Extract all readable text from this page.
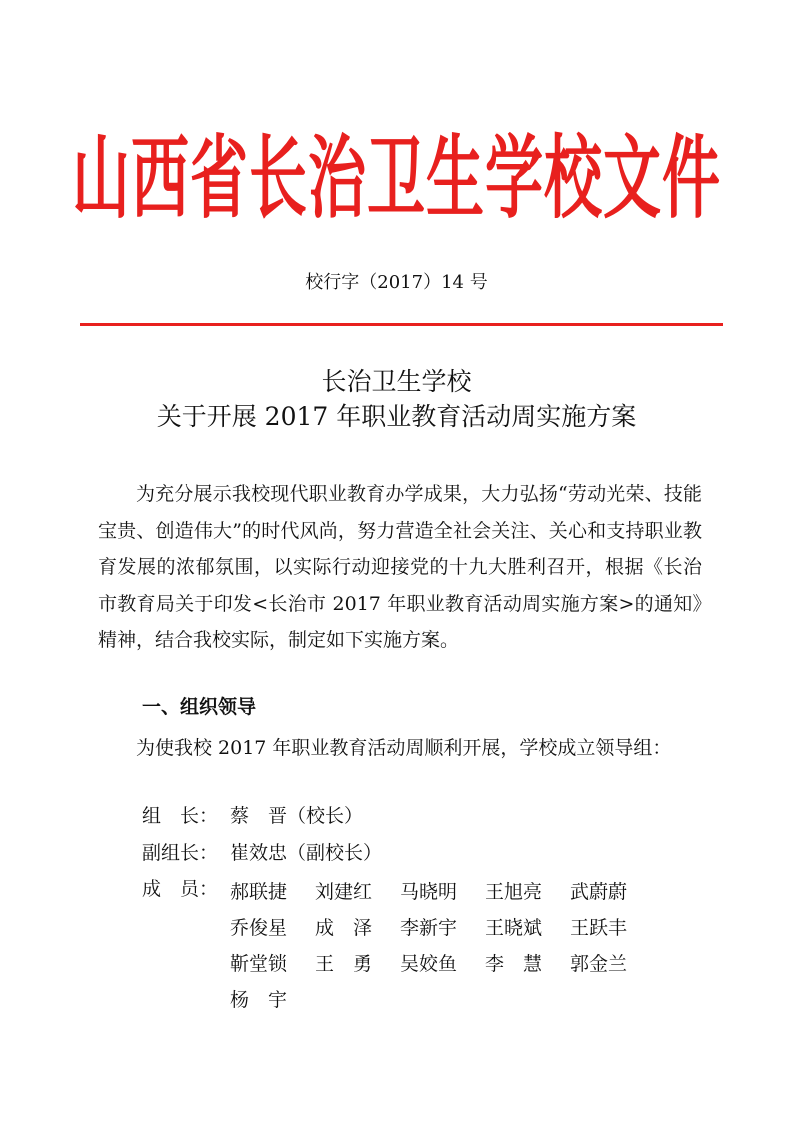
山西省长治卫生学校文件
校行字（2017）14 号
长治卫生学校
关于开展 2017 年职业教育活动周实施方案
为充分展示我校现代职业教育办学成果，大力弘扬“劳动光荣、技能宝贵、创造伟大”的时代风尚，努力营造全社会关注、关心和支持职业教育发展的浓郁氛围，以实际行动迎接党的十九大胜利召开，根据《长治市教育局关于印发<长治市 2017 年职业教育活动周实施方案>的通知》精神，结合我校实际，制定如下实施方案。
一、组织领导
为使我校 2017 年职业教育活动周顺利开展，学校成立领导组：
组　长： 蔡　晋（校长）
副组长： 崔效忠（副校长）
成　员： 郝联捷 刘建红 马晓明 王旭亮 武蔚蔚
乔俊星 成　泽 李新宇 王晓斌 王跃丰
靳堂锁 王　勇 吴姣鱼 李　慧 郭金兰
杨　宇
